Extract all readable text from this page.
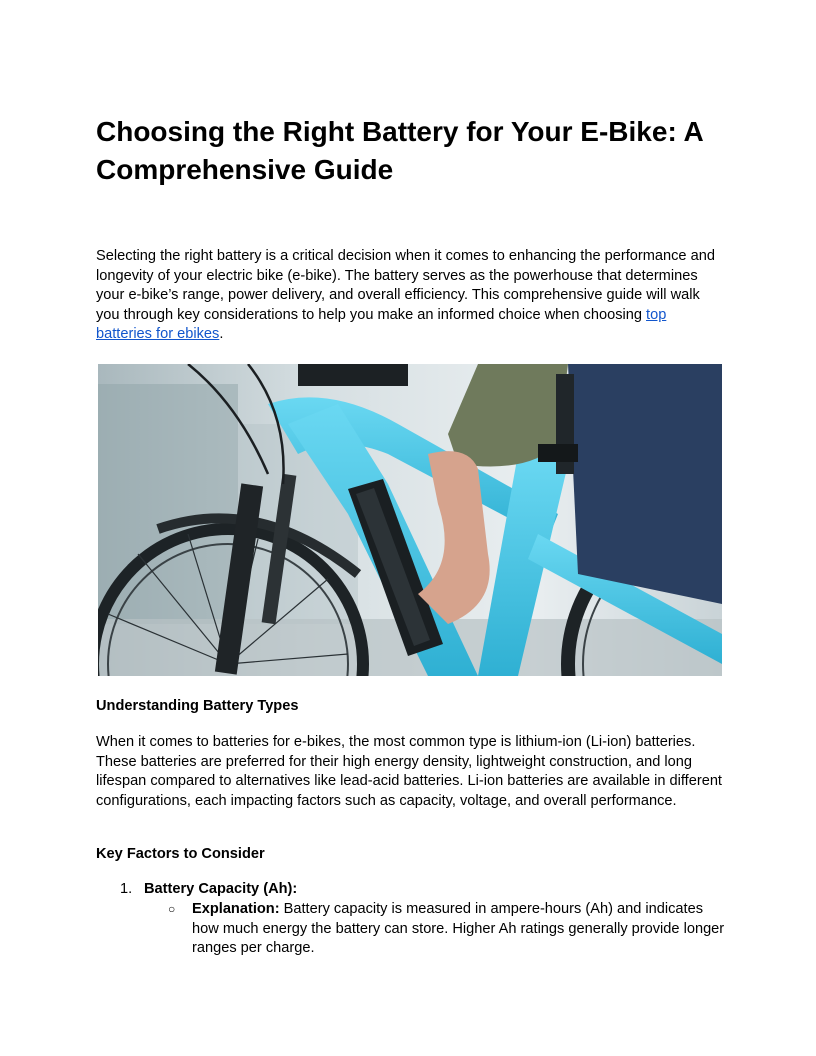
Choosing the Right Battery for Your E-Bike: A Comprehensive Guide

Selecting the right battery is a critical decision when it comes to enhancing the performance and longevity of your electric bike (e-bike). The battery serves as the powerhouse that determines your e-bike’s range, power delivery, and overall efficiency. This comprehensive guide will walk you through key considerations to help you make an informed choice when choosing top batteries for ebikes.

Understanding Battery Types

When it comes to batteries for e-bikes, the most common type is lithium-ion (Li-ion) batteries. These batteries are preferred for their high energy density, lightweight construction, and long lifespan compared to alternatives like lead-acid batteries. Li-ion batteries are available in different configurations, each impacting factors such as capacity, voltage, and overall performance.

Key Factors to Consider

1. Battery Capacity (Ah):
○ Explanation: Battery capacity is measured in ampere-hours (Ah) and indicates how much energy the battery can store. Higher Ah ratings generally provide longer ranges per charge.
